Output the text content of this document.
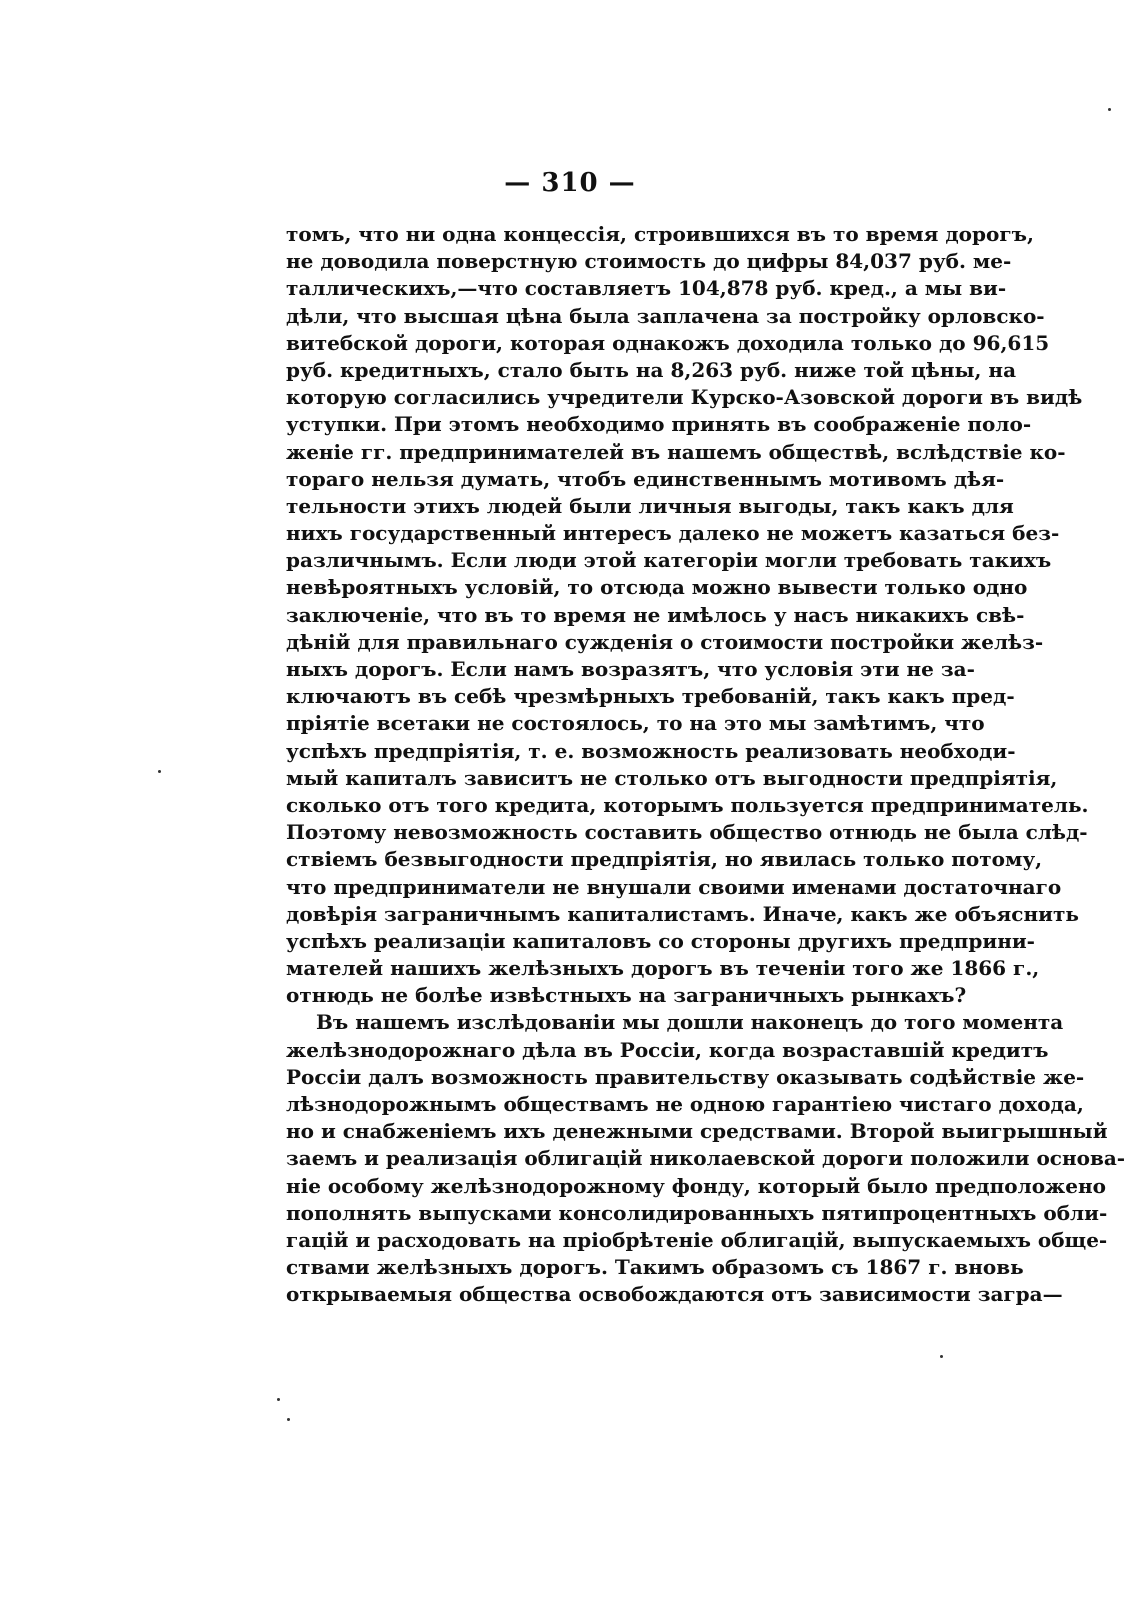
— 310 —
томъ, что ни одна концессія, строившихся въ то время дорогъ,
не доводила поверстную стоимость до цифры 84,037 руб. ме-
таллическихъ,—что составляетъ 104,878 руб. кред., а мы ви-
дѣли, что высшая цѣна была заплачена за постройку орловско-
витебской дороги, которая однакожъ доходила только до 96,615
руб. кредитныхъ, стало быть на 8,263 руб. ниже той цѣны, на
которую согласились учредители Курско-Азовской дороги въ видѣ
уступки. При этомъ необходимо принять въ соображеніе поло-
женіе гг. предпринимателей въ нашемъ обществѣ, вслѣдствіе ко-
тораго нельзя думать, чтобъ единственнымъ мотивомъ дѣя-
тельности этихъ людей были личныя выгоды, такъ какъ для
нихъ государственный интересъ далеко не можетъ казаться без-
различнымъ. Если люди этой категоріи могли требовать такихъ
невѣроятныхъ условій, то отсюда можно вывести только одно
заключеніе, что въ то время не имѣлось у насъ никакихъ свѣ-
дѣній для правильнаго сужденія о стоимости постройки желѣз-
ныхъ дорогъ. Если намъ возразятъ, что условія эти не за-
ключаютъ въ себѣ чрезмѣрныхъ требованій, такъ какъ пред-
пріятіе всетаки не состоялось, то на это мы замѣтимъ, что
успѣхъ предпріятія, т. е. возможность реализовать необходи-
мый капиталъ зависитъ не столько отъ выгодности предпріятія,
сколько отъ того кредита, которымъ пользуется предприниматель.
Поэтому невозможность составить общество отнюдь не была слѣд-
ствіемъ безвыгодности предпріятія, но явилась только потому,
что предприниматели не внушали своими именами достаточнаго
довѣрія заграничнымъ капиталистамъ. Иначе, какъ же объяснить
успѣхъ реализаціи капиталовъ со стороны другихъ предприни-
мателей нашихъ желѣзныхъ дорогъ въ теченіи того же 1866 г.,
отнюдь не болѣе извѣстныхъ на заграничныхъ рынкахъ?
Въ нашемъ изслѣдованіи мы дошли наконецъ до того момента
желѣзнодорожнаго дѣла въ Россіи, когда возраставшій кредитъ
Россіи далъ возможность правительству оказывать содѣйствіе же-
лѣзнодорожнымъ обществамъ не одною гарантіею чистаго дохода,
но и снабженіемъ ихъ денежными средствами. Второй выигрышный
заемъ и реализація облигацій николаевской дороги положили основа-
ніе особому желѣзнодорожному фонду, который было предположено
пополнять выпусками консолидированныхъ пятипроцентныхъ обли-
гацій и расходовать на пріобрѣтеніе облигацій, выпускаемыхъ обще-
ствами желѣзныхъ дорогъ. Такимъ образомъ съ 1867 г. вновь
открываемыя общества освобождаются отъ зависимости загра—
